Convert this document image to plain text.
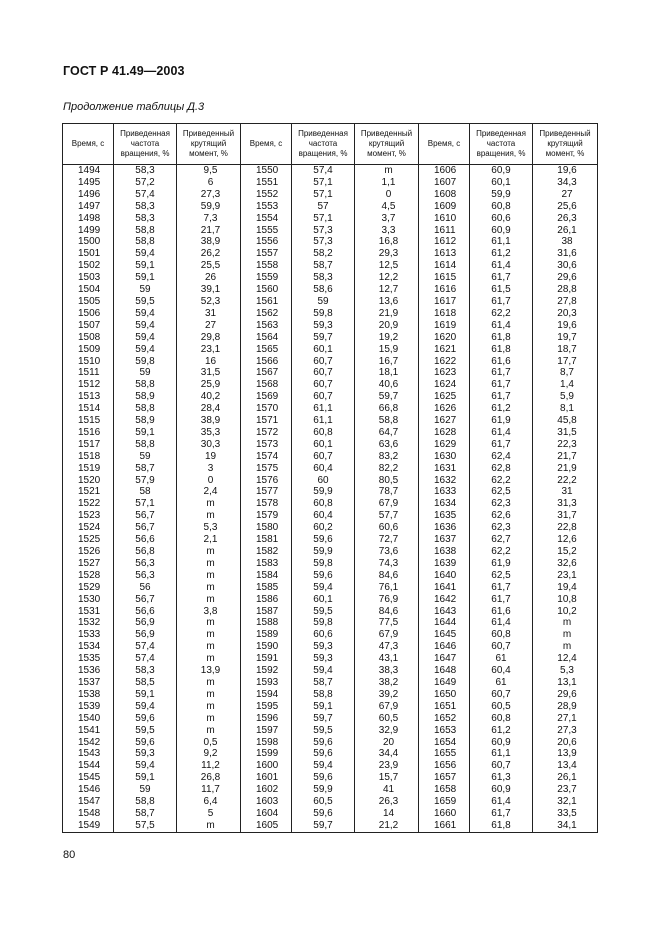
ГОСТ Р 41.49—2003
Продолжение таблицы Д.3
Время, с	Приведенная частота вращения, %	Приведенный крутящий момент, %	Время, с	Приведенная частота вращения, %	Приведенный крутящий момент, %	Время, с	Приведенная частота вращения, %	Приведенный крутящий момент, %
1494	58,3	9,5	1550	57,4	m	1606	60,9	19,6
1495	57,2	6	1551	57,1	1,1	1607	60,1	34,3
1496	57,4	27,3	1552	57,1	0	1608	59,9	27
1497	58,3	59,9	1553	57	4,5	1609	60,8	25,6
1498	58,3	7,3	1554	57,1	3,7	1610	60,6	26,3
1499	58,8	21,7	1555	57,3	3,3	1611	60,9	26,1
1500	58,8	38,9	1556	57,3	16,8	1612	61,1	38
1501	59,4	26,2	1557	58,2	29,3	1613	61,2	31,6
1502	59,1	25,5	1558	58,7	12,5	1614	61,4	30,6
1503	59,1	26	1559	58,3	12,2	1615	61,7	29,6
1504	59	39,1	1560	58,6	12,7	1616	61,5	28,8
1505	59,5	52,3	1561	59	13,6	1617	61,7	27,8
1506	59,4	31	1562	59,8	21,9	1618	62,2	20,3
1507	59,4	27	1563	59,3	20,9	1619	61,4	19,6
1508	59,4	29,8	1564	59,7	19,2	1620	61,8	19,7
1509	59,4	23,1	1565	60,1	15,9	1621	61,8	18,7
1510	59,8	16	1566	60,7	16,7	1622	61,6	17,7
1511	59	31,5	1567	60,7	18,1	1623	61,7	8,7
1512	58,8	25,9	1568	60,7	40,6	1624	61,7	1,4
1513	58,9	40,2	1569	60,7	59,7	1625	61,7	5,9
1514	58,8	28,4	1570	61,1	66,8	1626	61,2	8,1
1515	58,9	38,9	1571	61,1	58,8	1627	61,9	45,8
1516	59,1	35,3	1572	60,8	64,7	1628	61,4	31,5
1517	58,8	30,3	1573	60,1	63,6	1629	61,7	22,3
1518	59	19	1574	60,7	83,2	1630	62,4	21,7
1519	58,7	3	1575	60,4	82,2	1631	62,8	21,9
1520	57,9	0	1576	60	80,5	1632	62,2	22,2
1521	58	2,4	1577	59,9	78,7	1633	62,5	31
1522	57,1	m	1578	60,8	67,9	1634	62,3	31,3
1523	56,7	m	1579	60,4	57,7	1635	62,6	31,7
1524	56,7	5,3	1580	60,2	60,6	1636	62,3	22,8
1525	56,6	2,1	1581	59,6	72,7	1637	62,7	12,6
1526	56,8	m	1582	59,9	73,6	1638	62,2	15,2
1527	56,3	m	1583	59,8	74,3	1639	61,9	32,6
1528	56,3	m	1584	59,6	84,6	1640	62,5	23,1
1529	56	m	1585	59,4	76,1	1641	61,7	19,4
1530	56,7	m	1586	60,1	76,9	1642	61,7	10,8
1531	56,6	3,8	1587	59,5	84,6	1643	61,6	10,2
1532	56,9	m	1588	59,8	77,5	1644	61,4	m
1533	56,9	m	1589	60,6	67,9	1645	60,8	m
1534	57,4	m	1590	59,3	47,3	1646	60,7	m
1535	57,4	m	1591	59,3	43,1	1647	61	12,4
1536	58,3	13,9	1592	59,4	38,3	1648	60,4	5,3
1537	58,5	m	1593	58,7	38,2	1649	61	13,1
1538	59,1	m	1594	58,8	39,2	1650	60,7	29,6
1539	59,4	m	1595	59,1	67,9	1651	60,5	28,9
1540	59,6	m	1596	59,7	60,5	1652	60,8	27,1
1541	59,5	m	1597	59,5	32,9	1653	61,2	27,3
1542	59,6	0,5	1598	59,6	20	1654	60,9	20,6
1543	59,3	9,2	1599	59,6	34,4	1655	61,1	13,9
1544	59,4	11,2	1600	59,4	23,9	1656	60,7	13,4
1545	59,1	26,8	1601	59,6	15,7	1657	61,3	26,1
1546	59	11,7	1602	59,9	41	1658	60,9	23,7
1547	58,8	6,4	1603	60,5	26,3	1659	61,4	32,1
1548	58,7	5	1604	59,6	14	1660	61,7	33,5
1549	57,5	m	1605	59,7	21,2	1661	61,8	34,1
80
